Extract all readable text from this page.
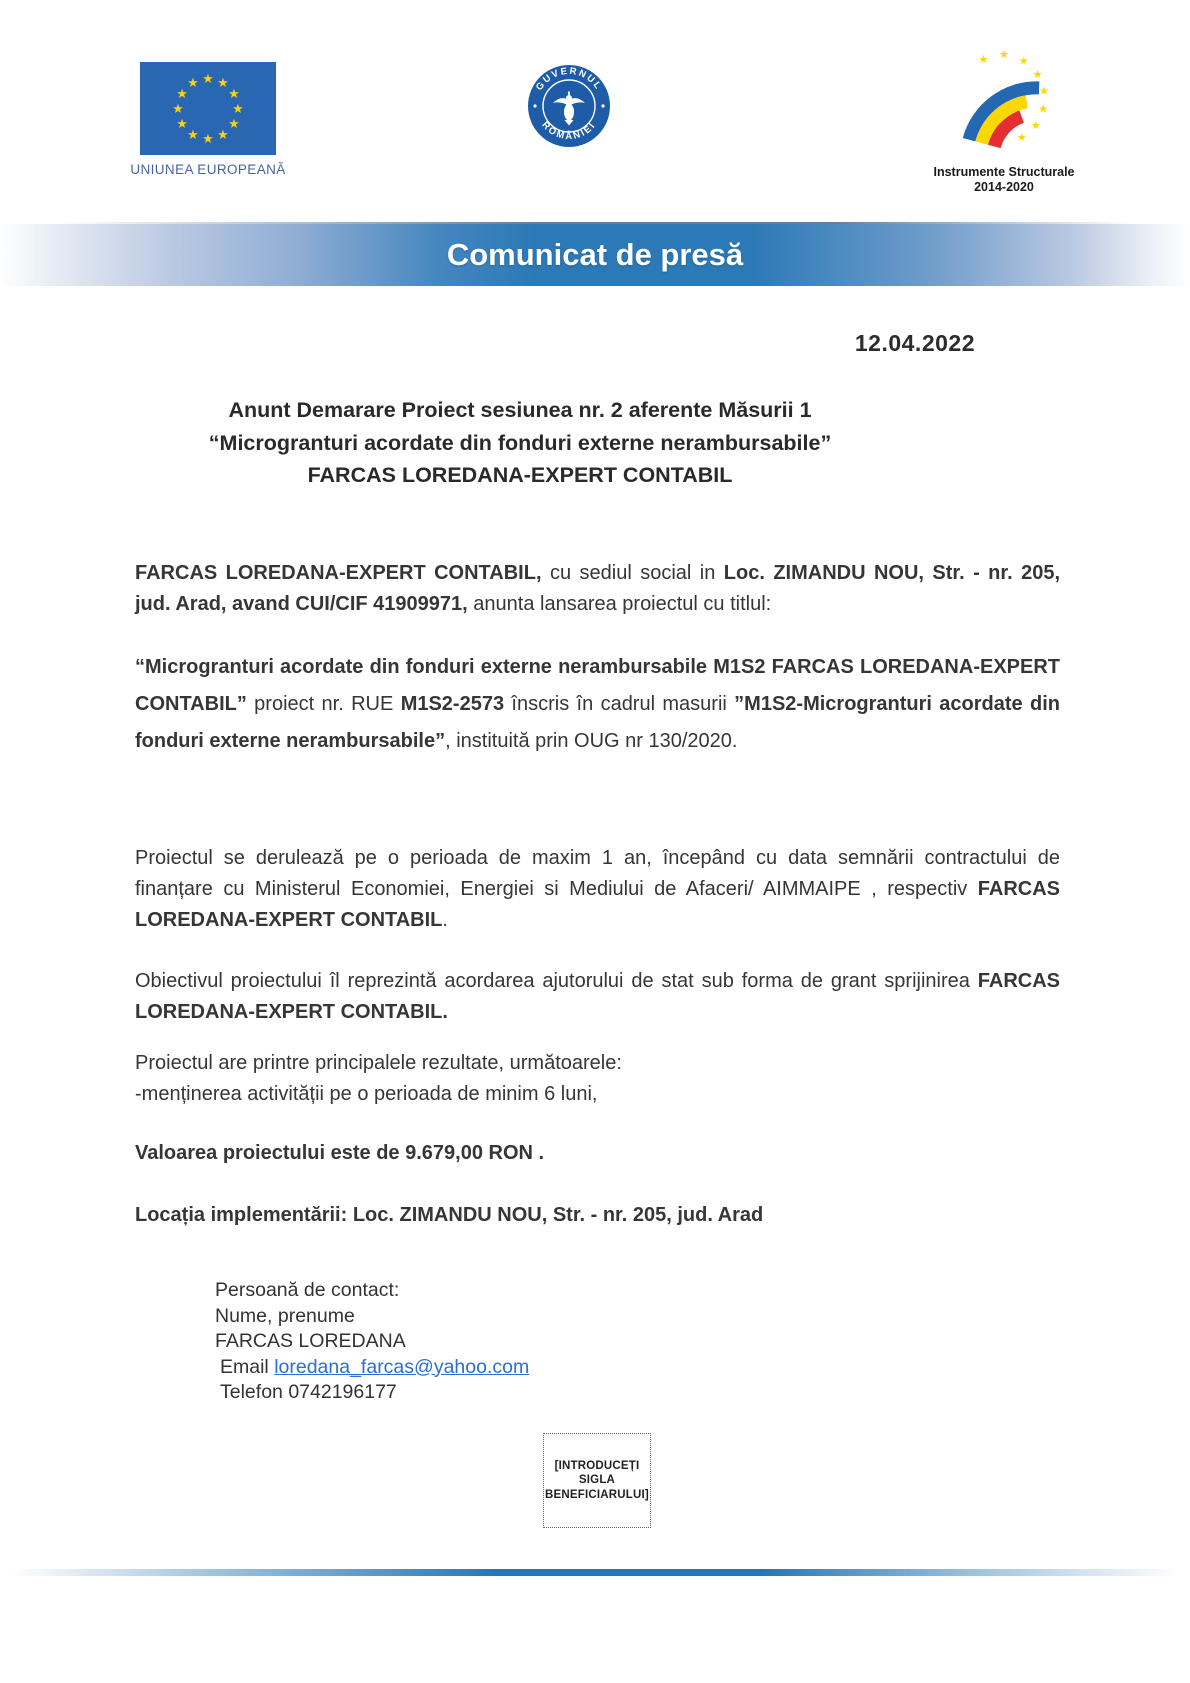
★ ★
★
★
★
★
★
★
★
★
★
★
UNIUNEA EUROPEANĂ
GUVERNUL
ROMÂNIEI
★ ★
★
★
★
★
★
★
Instrumente Structurale
2014-2020
Comunicat de presă
12.04.2022
Anunt Demarare Proiect sesiunea nr. 2 aferente Măsurii 1
“Microgranturi acordate din fonduri externe nerambursabile”
FARCAS LOREDANA-EXPERT CONTABIL

FARCAS LOREDANA-EXPERT CONTABIL, cu sediul social in Loc. ZIMANDU NOU, Str. - nr. 205, jud. Arad, avand CUI/CIF 41909971, anunta lansarea proiectul cu titlul:

“Microgranturi acordate din fonduri externe nerambursabile M1S2 FARCAS LOREDANA-EXPERT CONTABIL” proiect nr. RUE M1S2-2573 înscris în cadrul masurii ”M1S2-Microgranturi acordate din fonduri externe nerambursabile”, instituită prin OUG nr 130/2020.

Proiectul se derulează pe o perioada de maxim 1 an, începând cu data semnării contractului de finanțare cu Ministerul Economiei, Energiei si Mediului de Afaceri/ AIMMAIPE , respectiv FARCAS LOREDANA-EXPERT CONTABIL.

Obiectivul proiectului îl reprezintă acordarea ajutorului de stat sub forma de grant sprijinirea FARCAS LOREDANA-EXPERT CONTABIL.

Proiectul are printre principalele rezultate, următoarele:
-menținerea activității pe o perioada de minim 6 luni,

Valoarea proiectului este de 9.679,00 RON .

Locația implementării: Loc. ZIMANDU NOU, Str. - nr. 205, jud. Arad

Persoană de contact:
Nume, prenume
FARCAS LOREDANA
Email loredana_farcas@yahoo.com
Telefon 0742196177
[INTRODUCEȚI SIGLA BENEFICIARULUI]
